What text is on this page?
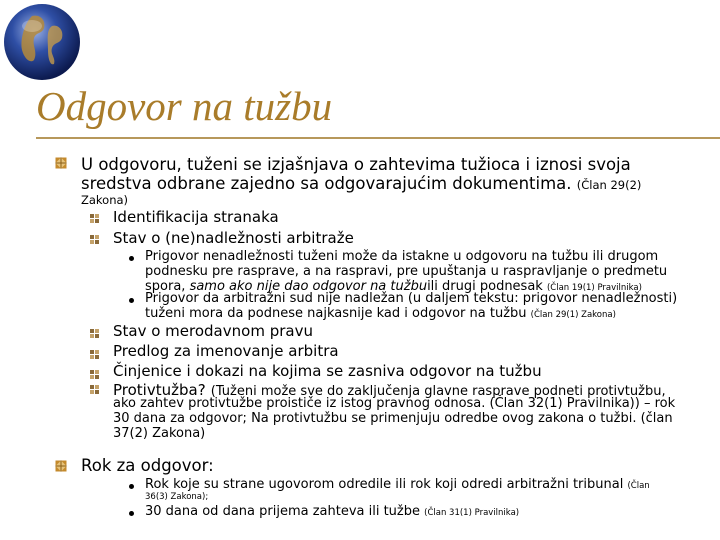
Odgovor na tužbu
U odgovoru, tuženi se izjašnjava o zahtevima tužioca i iznosi svoja
sredstva odbrane zajedno sa odgovarajućim dokumentima. (Član 29(2)
Zakona)
Identifikacija stranaka
Stav o (ne)nadležnosti arbitraže
Prigovor nenadležnosti tuženi može da istakne u odgovoru na tužbu ili drugom
podnesku pre rasprave, a na raspravi, pre upuštanja u raspravljanje o predmetu
spora, samo ako nije dao odgovor na tužbuili drugi podnesak (Član 19(1) Pravilnika)
Prigovor da arbitražni sud nije nadležan (u daljem tekstu: prigovor nenadležnosti)
tuženi mora da podnese najkasnije kad i odgovor na tužbu (Član 29(1) Zakona)
Stav o merodavnom pravu
Predlog za imenovanje arbitra
Činjenice i dokazi na kojima se zasniva odgovor na tužbu
Protivtužba? (Tuženi može sve do zaključenja glavne rasprave podneti protivtužbu,
ako zahtev protivtužbe proističe iz istog pravnog odnosa. (Član 32(1) Pravilnika)) – rok
30 dana za odgovor; Na protivtužbu se primenjuju odredbe ovog zakona o tužbi. (član
37(2) Zakona)
Rok za odgovor:
Rok koje su strane ugovorom odredile ili rok koji odredi arbitražni tribunal (Član
36(3) Zakona);
30 dana od dana prijema zahteva ili tužbe (Član 31(1) Pravilnika)
